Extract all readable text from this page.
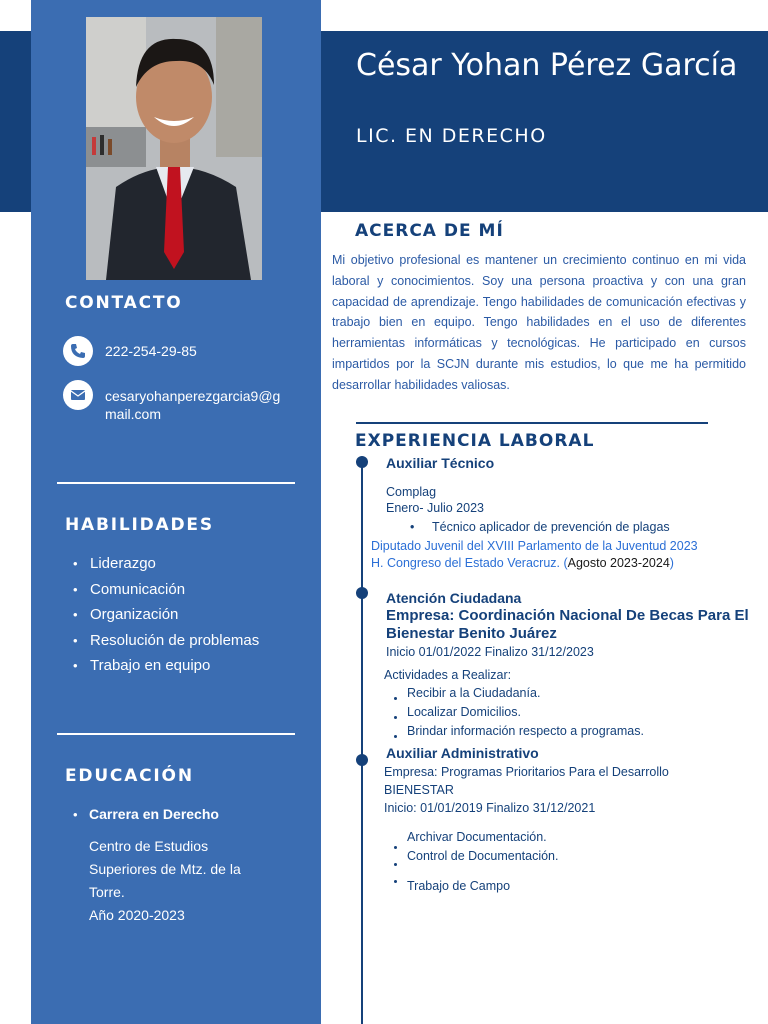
César Yohan Pérez García
LIC. EN DERECHO
CONTACTO
222-254-29-85
cesaryohanperezgarcia9@g
mail.com
HABILIDADES
• Liderazgo
• Comunicación
• Organización
• Resolución de problemas
• Trabajo en equipo
EDUCACIÓN
• Carrera en Derecho
Centro de Estudios
Superiores de Mtz. de la
Torre.
Año 2020-2023
ACERCA DE MÍ
Mi objetivo profesional es mantener un crecimiento continuo en mi vida laboral y conocimientos. Soy una persona proactiva y con una gran capacidad de aprendizaje. Tengo habilidades de comunicación efectivas y trabajo bien en equipo. Tengo habilidades en el uso de diferentes herramientas informáticas y tecnológicas. He participado en cursos impartidos por la SCJN durante mis estudios, lo que me ha permitido desarrollar habilidades valiosas.
EXPERIENCIA LABORAL
Auxiliar Técnico
Complag
Enero- Julio 2023
• Técnico aplicador de prevención de plagas
Diputado Juvenil del XVIII Parlamento de la Juventud 2023
H. Congreso del Estado Veracruz. (Agosto 2023-2024)
Atención Ciudadana
Empresa: Coordinación Nacional De Becas Para El
Bienestar Benito Juárez
Inicio 01/01/2022 Finalizo 31/12/2023
Actividades a Realizar:
Recibir a la Ciudadanía.
Localizar Domicilios.
Brindar información respecto a programas.
Auxiliar Administrativo
Empresa: Programas Prioritarios Para el Desarrollo
BIENESTAR
Inicio: 01/01/2019 Finalizo 31/12/2021
Archivar Documentación.
Control de Documentación.
Trabajo de Campo
